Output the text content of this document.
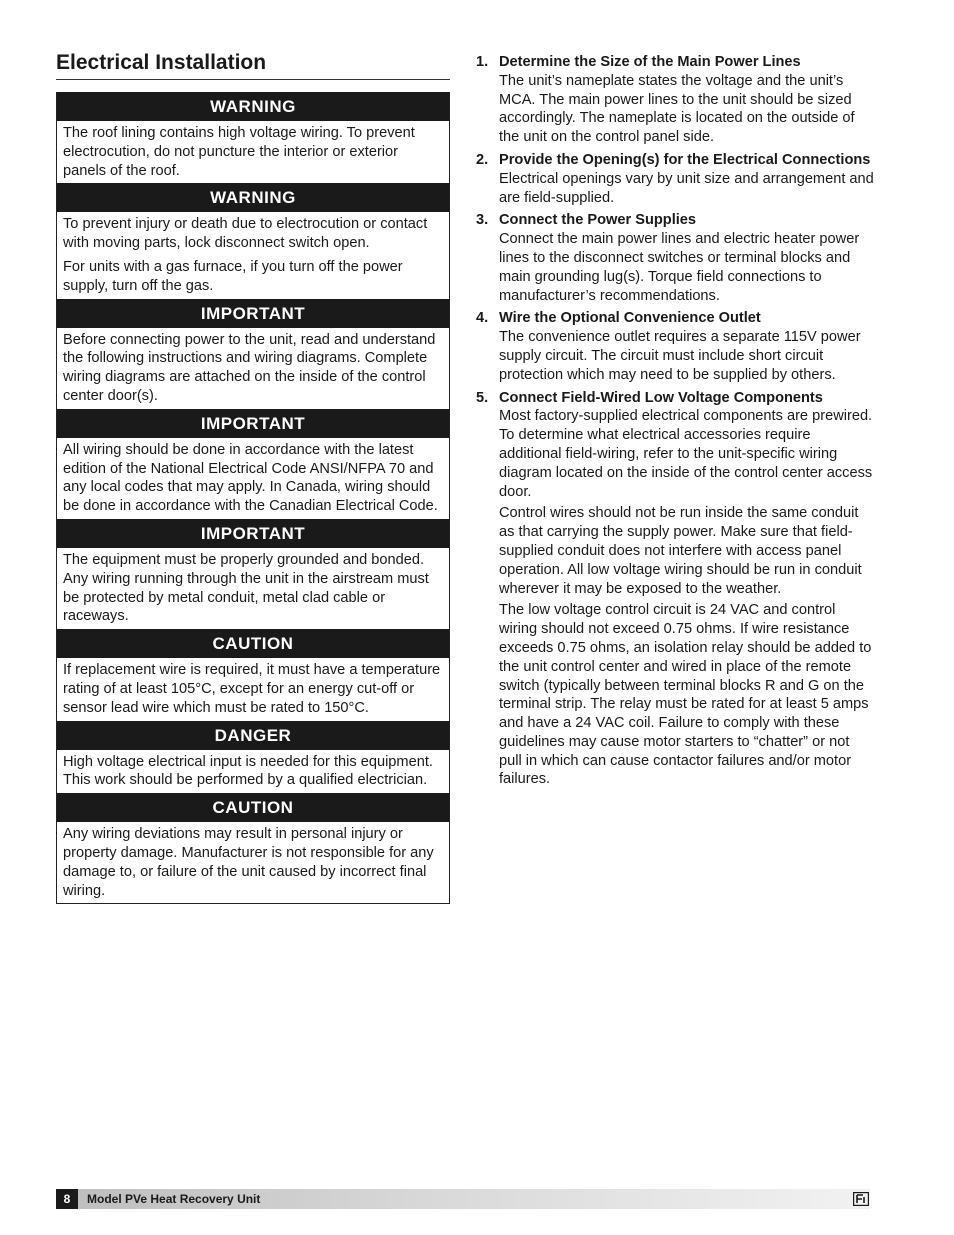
Electrical Installation
WARNING

The roof lining contains high voltage wiring. To prevent electrocution, do not puncture the interior or exterior panels of the roof.

WARNING

To prevent injury or death due to electrocution or contact with moving parts, lock disconnect switch open.

For units with a gas furnace, if you turn off the power supply, turn off the gas.

IMPORTANT

Before connecting power to the unit, read and understand the following instructions and wiring diagrams. Complete wiring diagrams are attached on the inside of the control center door(s).

IMPORTANT

All wiring should be done in accordance with the latest edition of the National Electrical Code ANSI/NFPA 70 and any local codes that may apply. In Canada, wiring should be done in accordance with the Canadian Electrical Code.

IMPORTANT

The equipment must be properly grounded and bonded. Any wiring running through the unit in the airstream must be protected by metal conduit, metal clad cable or raceways.

CAUTION

If replacement wire is required, it must have a temperature rating of at least 105°C, except for an energy cut-off or sensor lead wire which must be rated to 150°C.

DANGER

High voltage electrical input is needed for this equipment. This work should be performed by a qualified electrician.

CAUTION

Any wiring deviations may result in personal injury or property damage. Manufacturer is not responsible for any damage to, or failure of the unit caused by incorrect final wiring.

1. Determine the Size of the Main Power Lines

The unit’s nameplate states the voltage and the unit’s MCA. The main power lines to the unit should be sized accordingly. The nameplate is located on the outside of the unit on the control panel side.

2. Provide the Opening(s) for the Electrical Connections

Electrical openings vary by unit size and arrangement and are field-supplied.

3. Connect the Power Supplies

Connect the main power lines and electric heater power lines to the disconnect switches or terminal blocks and main grounding lug(s). Torque field connections to manufacturer’s recommendations.

4. Wire the Optional Convenience Outlet

The convenience outlet requires a separate 115V power supply circuit. The circuit must include short circuit protection which may need to be supplied by others.

5. Connect Field-Wired Low Voltage Components

Most factory-supplied electrical components are prewired. To determine what electrical accessories require additional field-wiring, refer to the unit-specific wiring diagram located on the inside of the control center access door.

Control wires should not be run inside the same conduit as that carrying the supply power. Make sure that field-supplied conduit does not interfere with access panel operation. All low voltage wiring should be run in conduit wherever it may be exposed to the weather.

The low voltage control circuit is 24 VAC and control wiring should not exceed 0.75 ohms. If wire resistance exceeds 0.75 ohms, an isolation relay should be added to the unit control center and wired in place of the remote switch (typically between terminal blocks R and G on the terminal strip. The relay must be rated for at least 5 amps and have a 24 VAC coil. Failure to comply with these guidelines may cause motor starters to “chatter” or not pull in which can cause contactor failures and/or motor failures.

8	Model PVe Heat Recovery Unit
